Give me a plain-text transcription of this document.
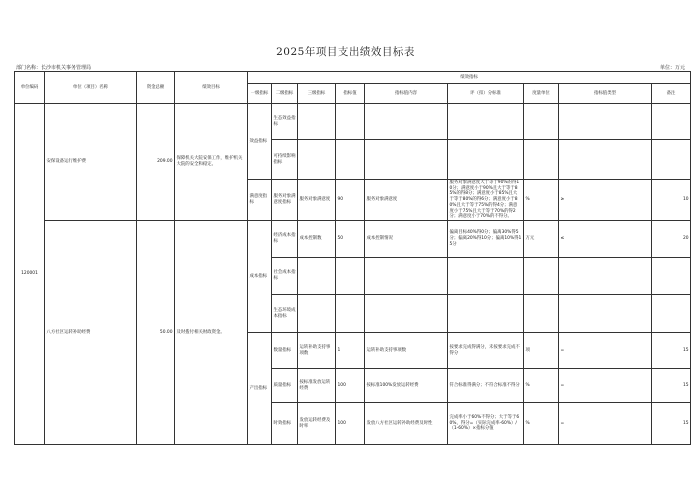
2025年项目支出绩效目标表
部门名称：长沙市机关事务管理局	单位：万元
单位编码	单位（项目）名称	资金总额	绩效目标	绩效指标								
				一级指标	二级指标	三级指标	指标值	指标值内容	评（扣）分标准	度量单位	指标值类型	备注
120001	安保设备运行维护费	209.00	保障机关大院安保工作，维护机关大院的安全和稳定。	效益指标	生态效益指标							
					可持续影响指标							
				满意度指标	服务对象满意度指标	服务对象满意度	90	服务对象满意度	服务对象满意度大于等于90%的得10分；满意度小于90%且大于等于85%的得8分；满意度小于85%且大于等于80%的得6分；满意度小于80%且大于等于75%的得4分；满意度小于75%且大于等于70%的得2分；满意度小于70%的不得分。	%	≥	10
	八方社区运转补助经费	50.00	及时拨付相关财政资金。	成本指标	经济成本指标	成本控制数	50	成本控制情况	偏离目标40%得0分；偏离30%得5分；偏离20%得10分；偏离10%得15分	万元	≤	20
					社会成本指标							
					生态环境成本指标							
				产出指标	数量指标	运转补助支持事项数	1	运转补助支持事项数	按要求完成得满分，未按要求完成不得分	项	=	15
					质量指标	按标准发放运转经费	100	按标准100%发放运转经费	符合标准得满分；不符合标准不得分	%	=	15
					时效指标	发放运转经费及时率	100	发放八方社区运转补助经费及时性	完成率小于60%不得分；大于等于60%，得分=（实际完成率-60%）/（1-60%）×指标分值	%	=	15
